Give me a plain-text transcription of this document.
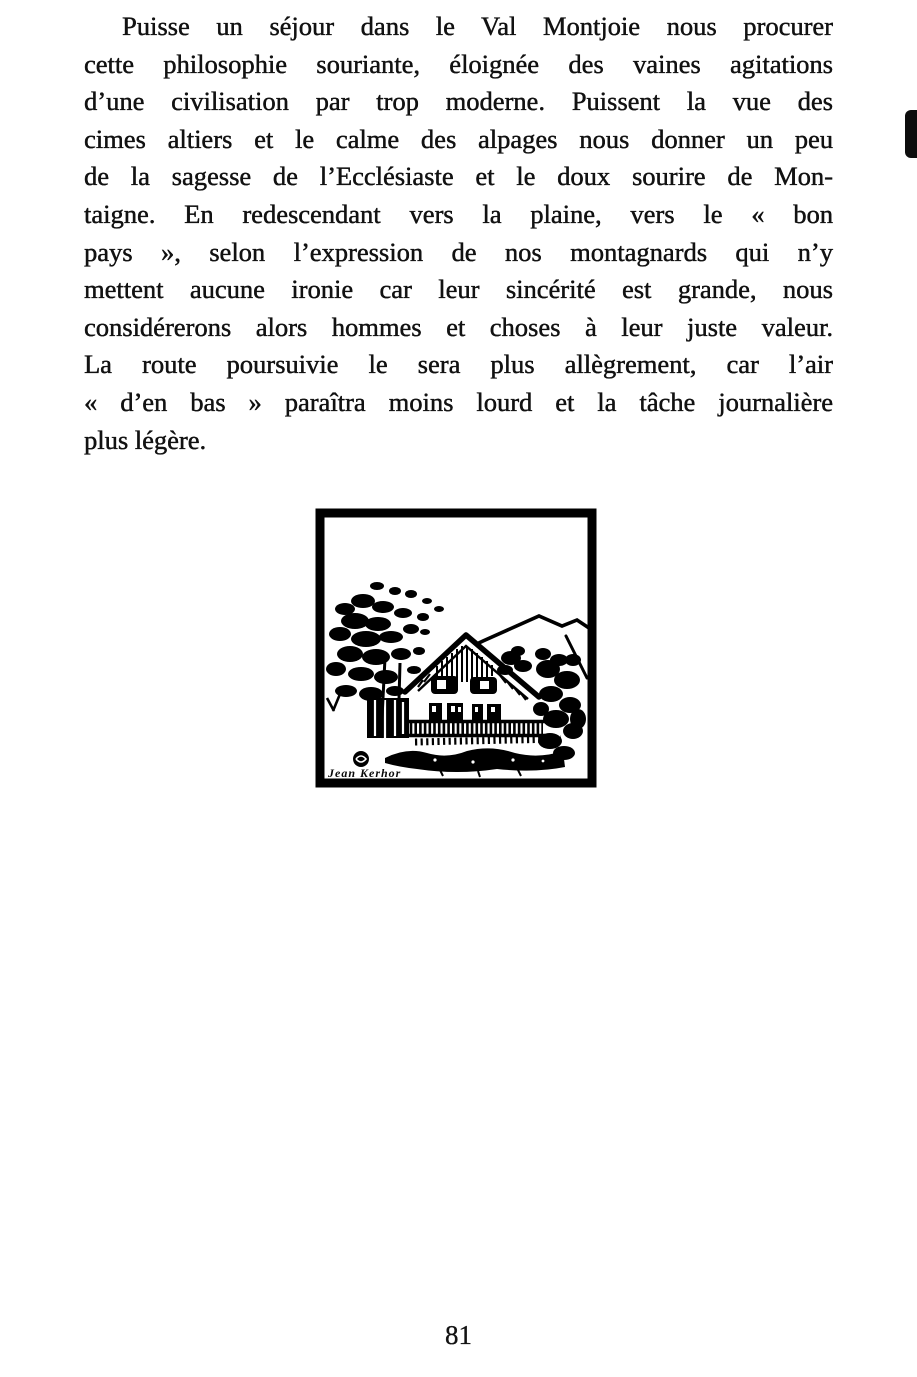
Puisse un séjour dans le Val Montjoie nous procurer
cette philosophie souriante, éloignée des vaines agitations
d’une civilisation par trop moderne. Puissent la vue des
cimes altiers et le calme des alpages nous donner un peu
de la sagesse de l’Ecclésiaste et le doux sourire de Mon-
taigne. En redescendant vers la plaine, vers le « bon
pays », selon l’expression de nos montagnards qui n’y
mettent aucune ironie car leur sincérité est grande, nous
considérerons alors hommes et choses à leur juste valeur.
La route poursuivie le sera plus allègrement, car l’air
« d’en bas » paraîtra moins lourd et la tâche journalière
plus légère.
Jean Kerhor
81
